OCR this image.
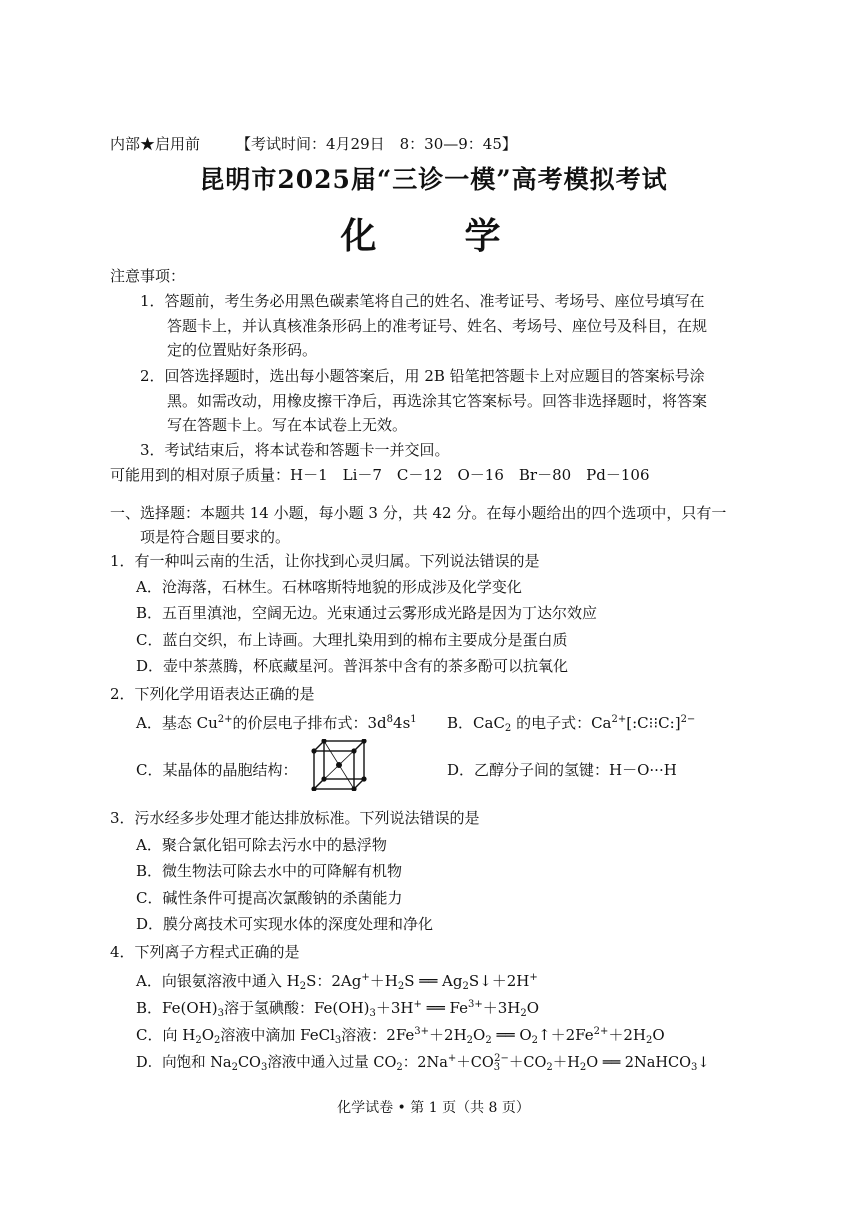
内部★启用前 【考试时间：4月29日　8：30—9：45】
昆明市2025届“三诊一模”高考模拟考试
化　学
注意事项：
1．答题前，考生务必用黑色碳素笔将自己的姓名、准考证号、考场号、座位号填写在
答题卡上，并认真核准条形码上的准考证号、姓名、考场号、座位号及科目，在规
定的位置贴好条形码。
2．回答选择题时，选出每小题答案后，用 2B 铅笔把答题卡上对应题目的答案标号涂
黑。如需改动，用橡皮擦干净后，再选涂其它答案标号。回答非选择题时，将答案
写在答题卡上。写在本试卷上无效。
3．考试结束后，将本试卷和答题卡一并交回。
可能用到的相对原子质量：H－1　Li－7　C－12　O－16　Br－80　Pd－106
一、选择题：本题共 14 小题，每小题 3 分，共 42 分。在每小题给出的四个选项中，只有一
项是符合题目要求的。
1．有一种叫云南的生活，让你找到心灵归属。下列说法错误的是
A．沧海落，石林生。石林喀斯特地貌的形成涉及化学变化
B．五百里滇池，空阔无边。光束通过云雾形成光路是因为丁达尔效应
C．蓝白交织，布上诗画。大理扎染用到的棉布主要成分是蛋白质
D．壶中茶蒸腾，杯底藏星河。普洱茶中含有的茶多酚可以抗氧化
2．下列化学用语表达正确的是
A．基态 $Cu^{2+}$的价层电子排布式：$3d^84s^1$ B．CaC$_2$ 的电子式：$Ca^{2+}[:C⁝⁝C:]^{2-}$
C．某晶体的晶胞结构：	D．乙醇分子间的氢键：H－O···H
3．污水经多步处理才能达排放标准。下列说法错误的是
A．聚合氯化铝可除去污水中的悬浮物
B．微生物法可除去水中的可降解有机物
C．碱性条件可提高次氯酸钠的杀菌能力
D．膜分离技术可实现水体的深度处理和净化
4．下列离子方程式正确的是
A．向银氨溶液中通入 $H_2S$：$2Ag^++H_2S$ ══ $Ag_2S↓+2H^+$
B．$Fe(OH)_3$溶于氢碘酸：$Fe(OH)_3+3H^+$ ══ $Fe^{3+}+3H_2O$
C．向 $H_2O_2$溶液中滴加 FeCl$_3$溶液：$2Fe^{3+}+2H_2O_2$ ══ $O_2↑+2Fe^{2+}+2H_2O$
D．向饱和 $Na_2CO_3$溶液中通入过量 $CO_2$：$2Na^++CO_3^{2-}+CO_2+H_2O$ ══ 2NaHCO$_3$↓
化学试卷 • 第 1 页（共 8 页）
